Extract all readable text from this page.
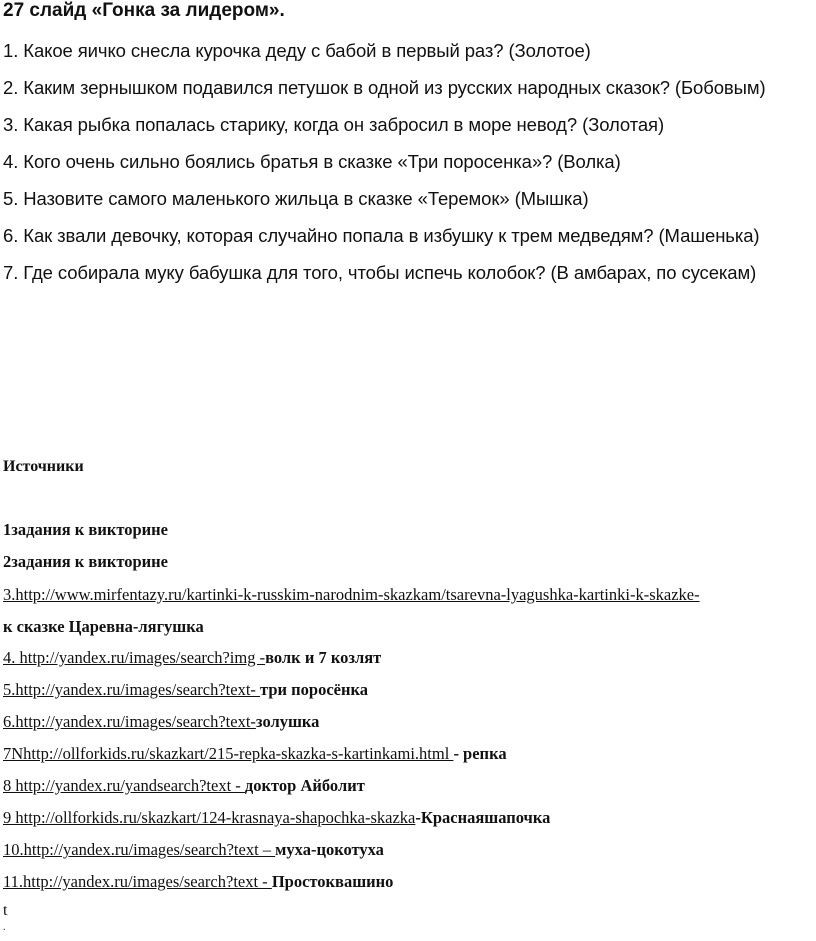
27 слайд «Гонка за лидером».
1. Какое яичко снесла курочка деду с бабой в первый раз? (Золотое)
2. Каким зернышком подавился петушок в одной из русских народных сказок? (Бобовым)
3. Какая рыбка попалась старику, когда он забросил в море невод? (Золотая)
4. Кого очень сильно боялись братья в сказке «Три поросенка»? (Волка)
5. Назовите самого маленького жильца в сказке «Теремок» (Мышка)
6. Как звали девочку, которая случайно попала в избушку к трем медведям? (Машенька)
7. Где собирала муку бабушка для того, чтобы испечь колобок? (В амбарах, по сусекам)
Источники
1задания к викторине
2задания к викторине
3.http://www.mirfentazy.ru/kartinki-k-russkim-narodnim-skazkam/tsarevna-lyagushka-kartinki-k-skazke-
к сказке Царевна-лягушка
4. http://yandex.ru/images/search?img -волк и 7 козлят
5.http://yandex.ru/images/search?text- три поросёнка
6.http://yandex.ru/images/search?text-золушка
7Nhttp://ollforkids.ru/skazkart/215-repka-skazka-s-kartinkami.html - репка
8 http://yandex.ru/yandsearch?text - доктор Айболит
9 http://ollforkids.ru/skazkart/124-krasnaya-shapochka-skazka-Краснаяшапочка
10.http://yandex.ru/images/search?text – муха-цокотуха
11.http://yandex.ru/images/search?text - Простоквашино
t
.
